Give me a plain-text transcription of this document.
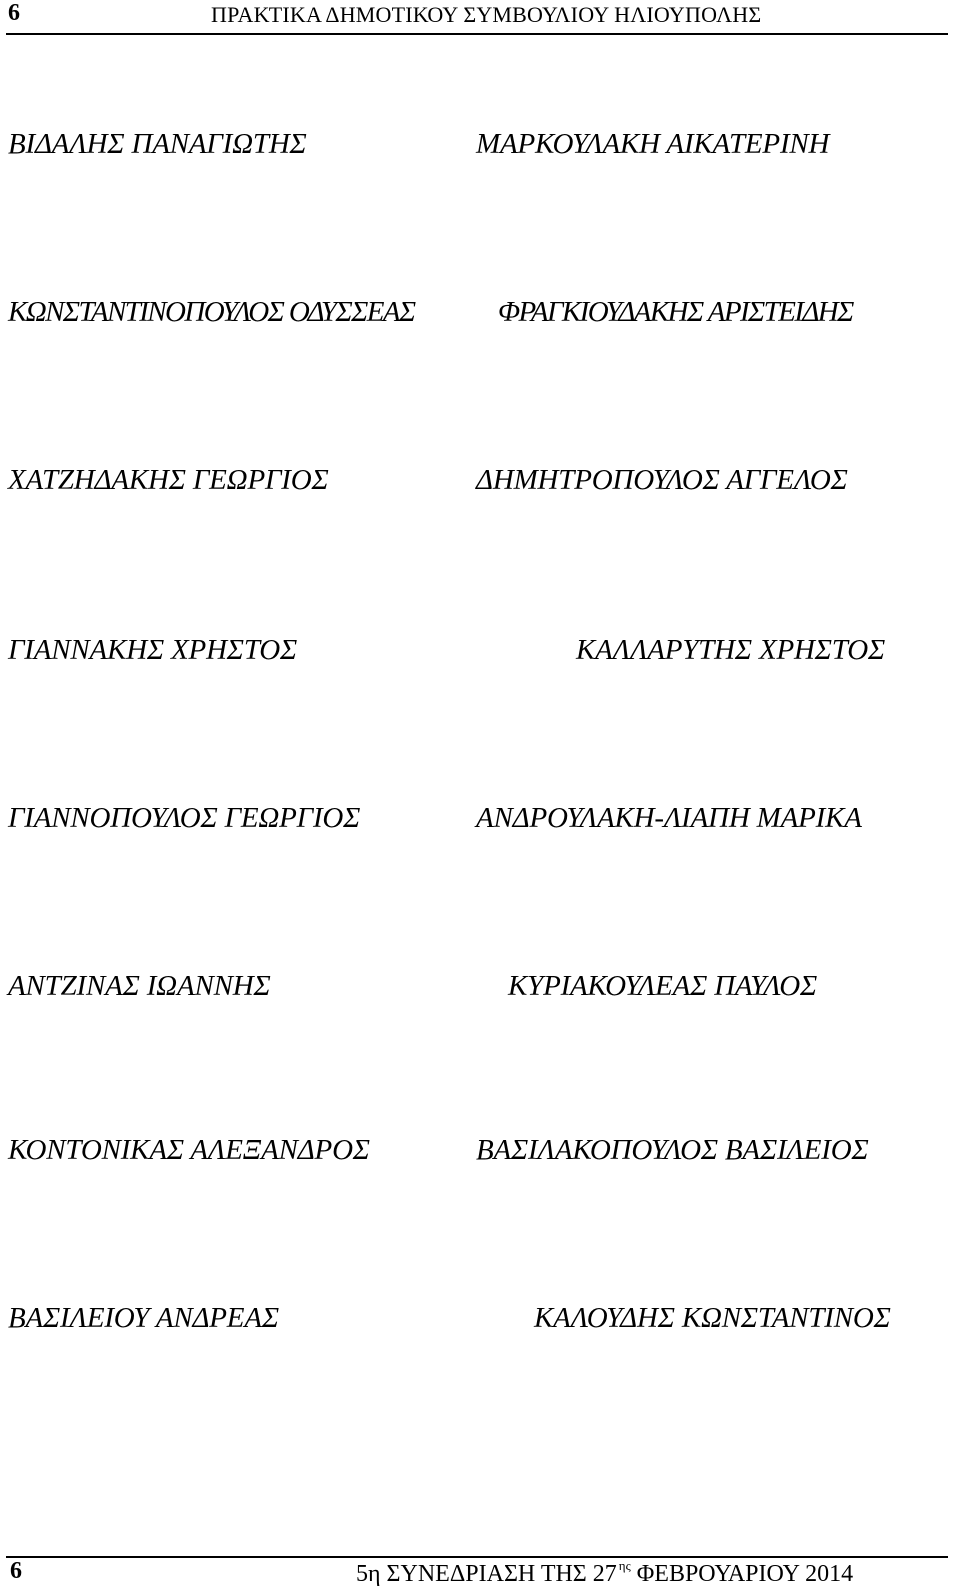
6	ΠΡΑΚΤΙΚΑ ΔΗΜΟΤΙΚΟΥ ΣΥΜΒΟΥΛΙΟΥ ΗΛΙΟΥΠΟΛΗΣ
ΒΙΔΑΛΗΣ ΠΑΝΑΓΙΩΤΗΣ	ΜΑΡΚΟΥΛΑΚΗ ΑΙΚΑΤΕΡΙΝΗ
ΚΩΝΣΤΑΝΤΙΝΟΠΟΥΛΟΣ ΟΔΥΣΣΕΑΣ	ΦΡΑΓΚΙΟΥΔΑΚΗΣ ΑΡΙΣΤΕΙΔΗΣ
ΧΑΤΖΗΔΑΚΗΣ ΓΕΩΡΓΙΟΣ	ΔΗΜΗΤΡΟΠΟΥΛΟΣ ΑΓΓΕΛΟΣ
ΓΙΑΝΝΑΚΗΣ ΧΡΗΣΤΟΣ	ΚΑΛΛΑΡΥΤΗΣ ΧΡΗΣΤΟΣ
ΓΙΑΝΝΟΠΟΥΛΟΣ ΓΕΩΡΓΙΟΣ	ΑΝΔΡΟΥΛΑΚΗ-ΛΙΑΠΗ ΜΑΡΙΚΑ
ΑΝΤΖΙΝΑΣ ΙΩΑΝΝΗΣ	ΚΥΡΙΑΚΟΥΛΕΑΣ ΠΑΥΛΟΣ
ΚΟΝΤΟΝΙΚΑΣ ΑΛΕΞΑΝΔΡΟΣ	ΒΑΣΙΛΑΚΟΠΟΥΛΟΣ ΒΑΣΙΛΕΙΟΣ
ΒΑΣΙΛΕΙΟΥ ΑΝΔΡΕΑΣ	ΚΑΛΟΥΔΗΣ ΚΩΝΣΤΑΝΤΙΝΟΣ
6	5η ΣΥΝΕΔΡΙΑΣΗ ΤΗΣ 27 $^{\eta\varsigma}$ ΦΕΒΡΟΥΑΡΙΟΥ 2014
